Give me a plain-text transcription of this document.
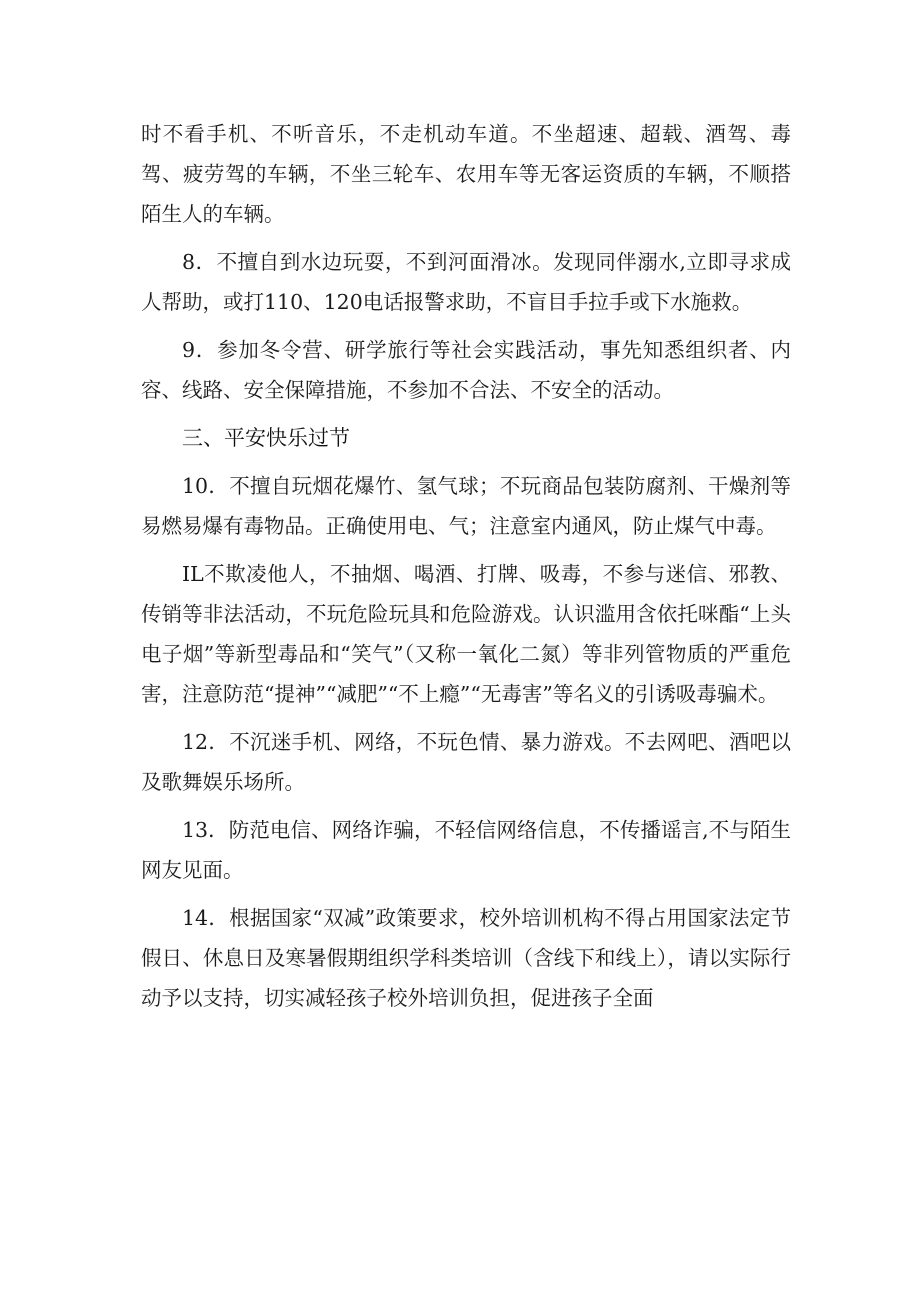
时不看手机、不听音乐，不走机动车道。不坐超速、超载、酒驾、毒驾、疲劳驾的车辆，不坐三轮车、农用车等无客运资质的车辆，不顺搭陌生人的车辆。

8．不擅自到水边玩耍，不到河面滑冰。发现同伴溺水,立即寻求成人帮助，或打110、120电话报警求助，不盲目手拉手或下水施救。

9．参加冬令营、研学旅行等社会实践活动，事先知悉组织者、内容、线路、安全保障措施，不参加不合法、不安全的活动。

三、平安快乐过节

10．不擅自玩烟花爆竹、氢气球；不玩商品包装防腐剂、干燥剂等易燃易爆有毒物品。正确使用电、气；注意室内通风，防止煤气中毒。

IL不欺凌他人，不抽烟、喝酒、打牌、吸毒，不参与迷信、邪教、传销等非法活动，不玩危险玩具和危险游戏。认识滥用含依托咪酯“上头电子烟”等新型毒品和“笑气”（又称一氧化二氮）等非列管物质的严重危害，注意防范“提神”“减肥”“不上瘾”“无毒害”等名义的引诱吸毒骗术。

12．不沉迷手机、网络，不玩色情、暴力游戏。不去网吧、酒吧以及歌舞娱乐场所。

13．防范电信、网络诈骗，不轻信网络信息，不传播谣言,不与陌生网友见面。

14．根据国家“双减”政策要求，校外培训机构不得占用国家法定节假日、休息日及寒暑假期组织学科类培训（含线下和线上），请以实际行动予以支持，切实减轻孩子校外培训负担，促进孩子全面
